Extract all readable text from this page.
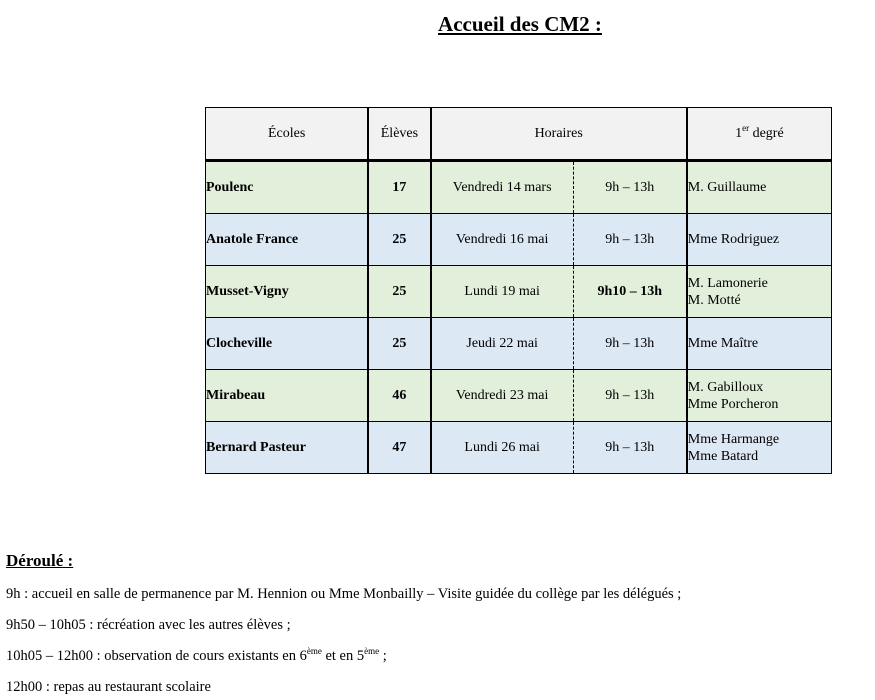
Accueil des CM2 :
Écoles	Élèves	Horaires		1er degré
Poulenc	17	Vendredi 14 mars	9h – 13h	M. Guillaume

Anatole France	25	Vendredi 16 mai	9h – 13h	Mme Rodriguez

Musset-Vigny	25	Lundi 19 mai	9h10 – 13h	M. Lamonerie
M. Motté

Clocheville	25	Jeudi 22 mai	9h – 13h	Mme Maître

Mirabeau	46	Vendredi 23 mai	9h – 13h	M. Gabilloux
Mme Porcheron

Bernard Pasteur	47	Lundi 26 mai	9h – 13h	Mme Harmange
Mme Batard
Déroulé :
9h : accueil en salle de permanence par M. Hennion ou Mme Monbailly – Visite guidée du collège par les délégués ;
9h50 – 10h05 : récréation avec les autres élèves ;
10h05 – 12h00 : observation de cours existants en 6ème et en 5ème ;
12h00 : repas au restaurant scolaire
